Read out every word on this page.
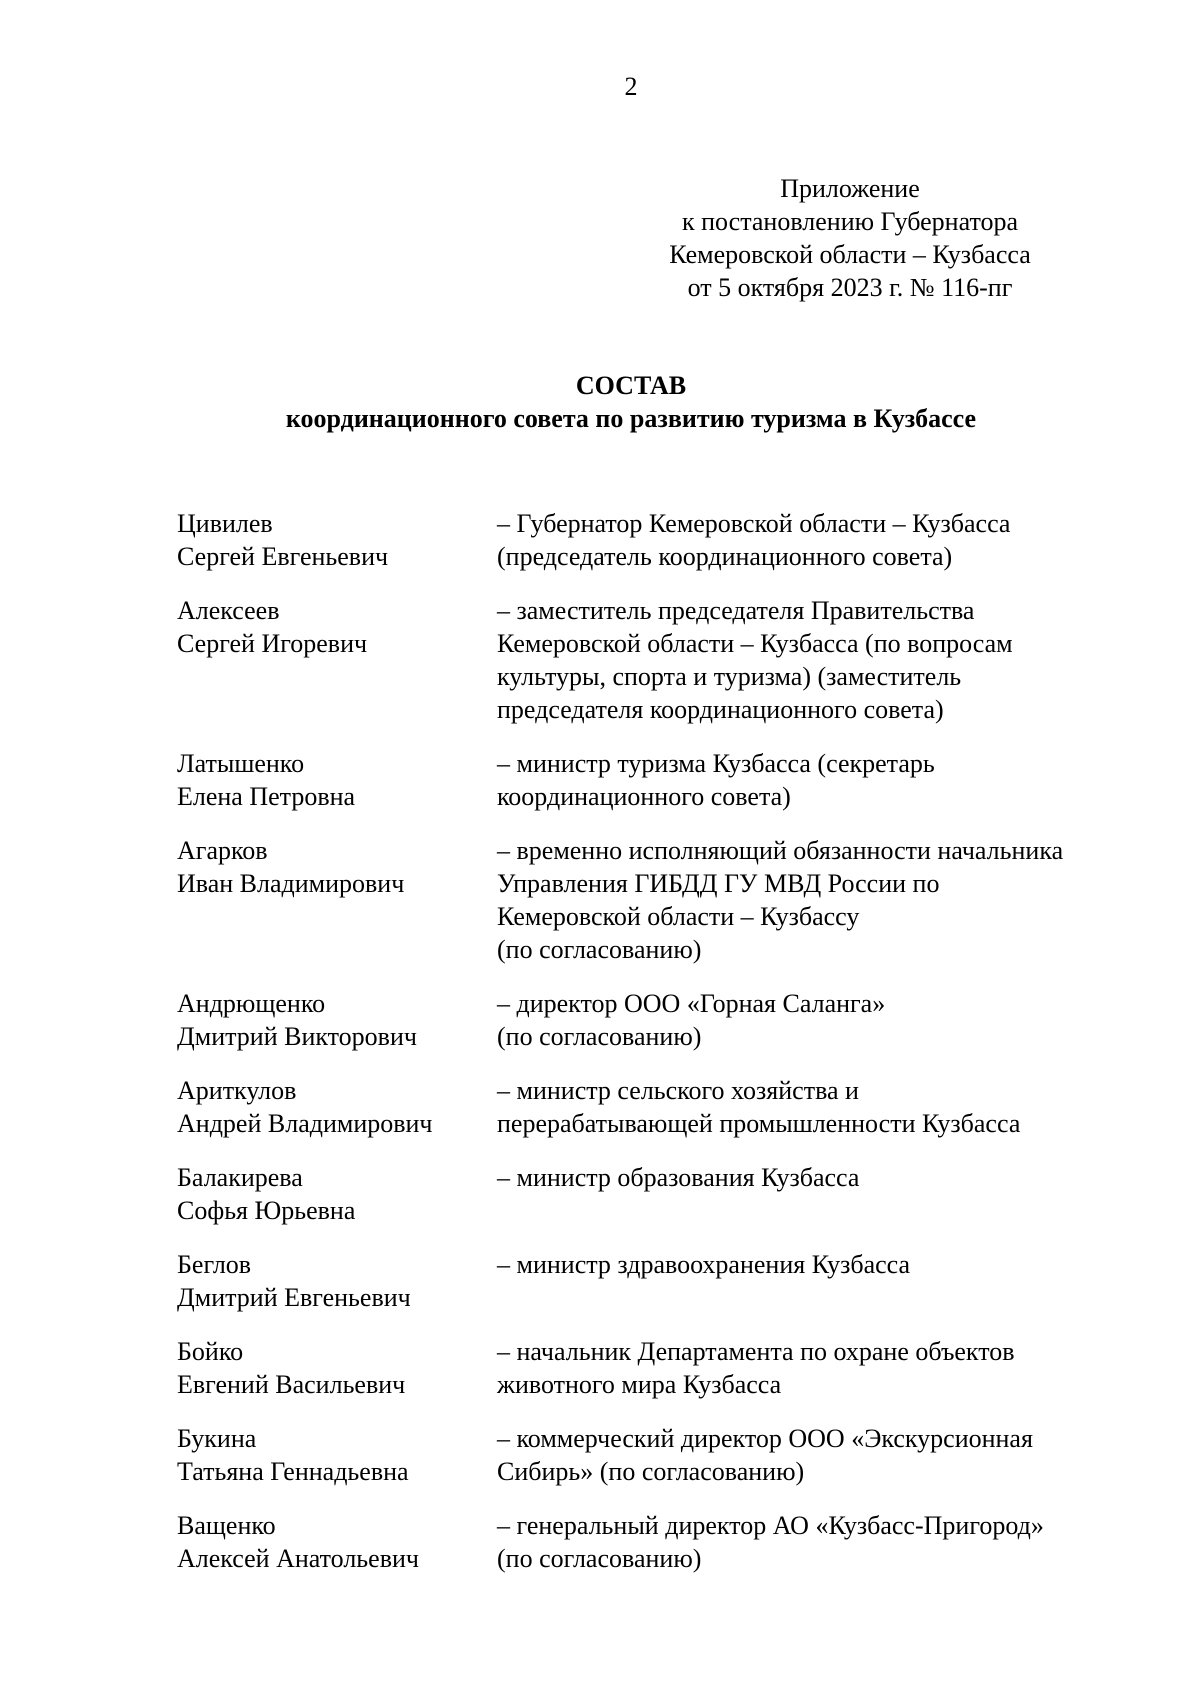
2
Приложение
к постановлению Губернатора
Кемеровской области – Кузбасса
от 5 октября 2023 г. № 116-пг
СОСТАВ
координационного совета по развитию туризма в Кузбассе
Цивилев
Сергей Евгеньевич
– Губернатор Кемеровской области – Кузбасса
(председатель координационного совета)
Алексеев
Сергей Игоревич
– заместитель председателя Правительства
Кемеровской области – Кузбасса (по вопросам
культуры, спорта и туризма) (заместитель
председателя координационного совета)
Латышенко
Елена Петровна
– министр туризма Кузбасса (секретарь
координационного совета)
Агарков
Иван Владимирович
– временно исполняющий обязанности начальника
Управления ГИБДД ГУ МВД России по
Кемеровской области – Кузбассу
(по согласованию)
Андрющенко
Дмитрий Викторович
– директор ООО «Горная Саланга»
(по согласованию)
Ариткулов
Андрей Владимирович
– министр сельского хозяйства и
перерабатывающей промышленности Кузбасса
Балакирева
Софья Юрьевна
– министр образования Кузбасса
Беглов
Дмитрий Евгеньевич
– министр здравоохранения Кузбасса
Бойко
Евгений Васильевич
– начальник Департамента по охране объектов
животного мира Кузбасса
Букина
Татьяна Геннадьевна
– коммерческий директор ООО «Экскурсионная
Сибирь» (по согласованию)
Ващенко
Алексей Анатольевич
– генеральный директор АО «Кузбасс-Пригород»
(по согласованию)
